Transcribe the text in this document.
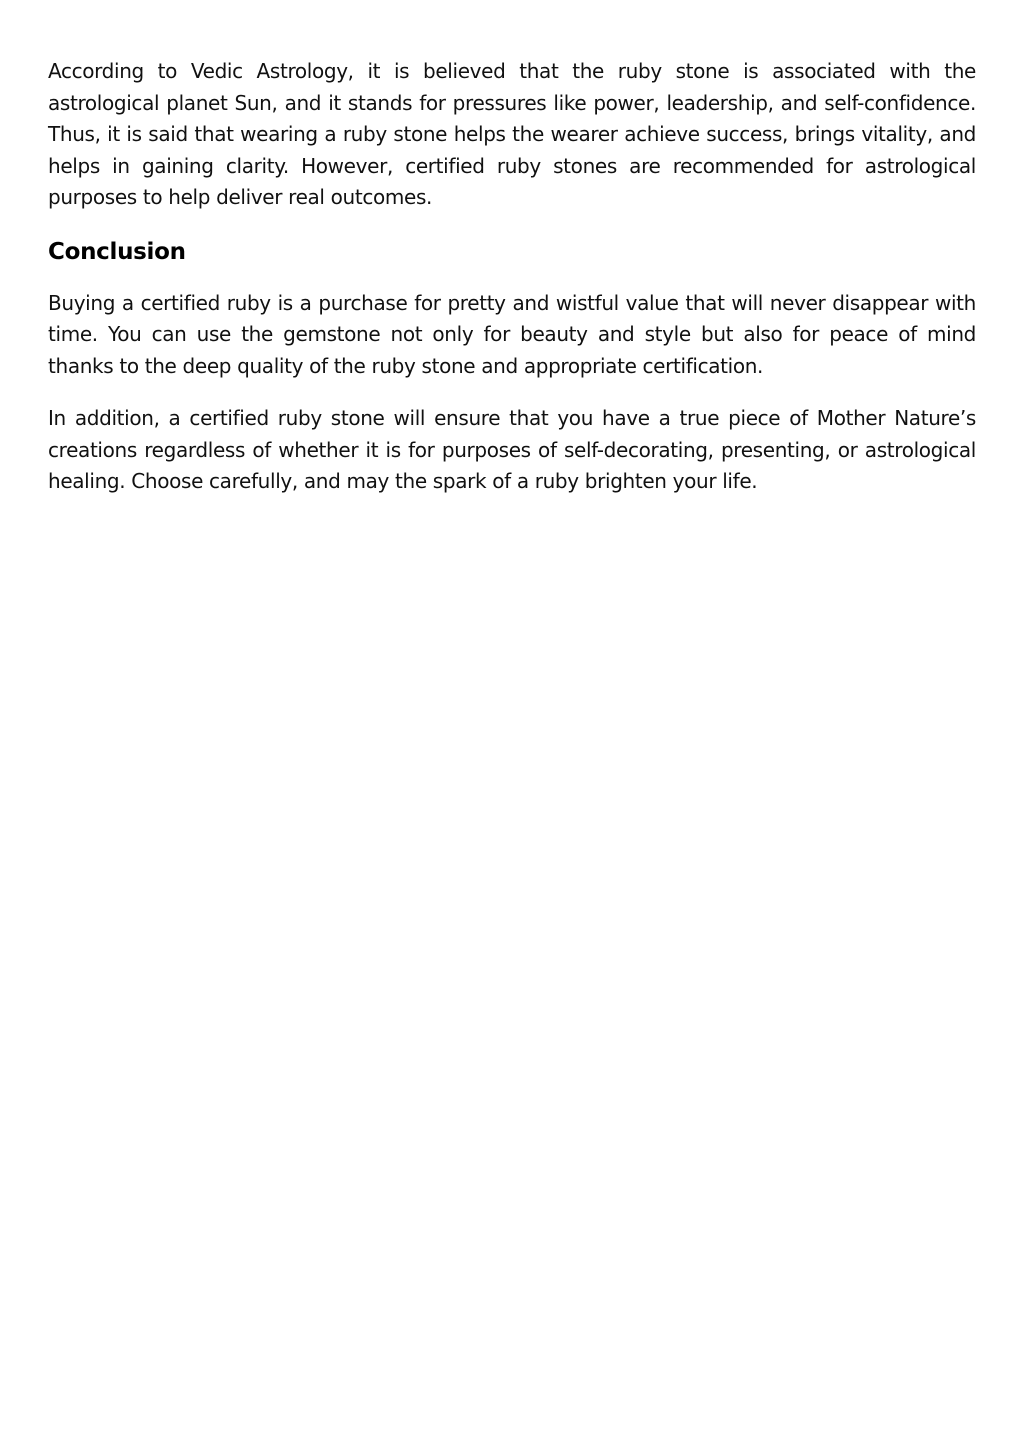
According to Vedic Astrology, it is believed that the ruby stone is associated with the astrological planet Sun, and it stands for pressures like power, leadership, and self-confidence. Thus, it is said that wearing a ruby stone helps the wearer achieve success, brings vitality, and helps in gaining clarity. However, certified ruby stones are recommended for astrological purposes to help deliver real outcomes.

Conclusion

Buying a certified ruby is a purchase for pretty and wistful value that will never disappear with time. You can use the gemstone not only for beauty and style but also for peace of mind thanks to the deep quality of the ruby stone and appropriate certification.

In addition, a certified ruby stone will ensure that you have a true piece of Mother Nature’s creations regardless of whether it is for purposes of self-decorating, presenting, or astrological healing. Choose carefully, and may the spark of a ruby brighten your life.
